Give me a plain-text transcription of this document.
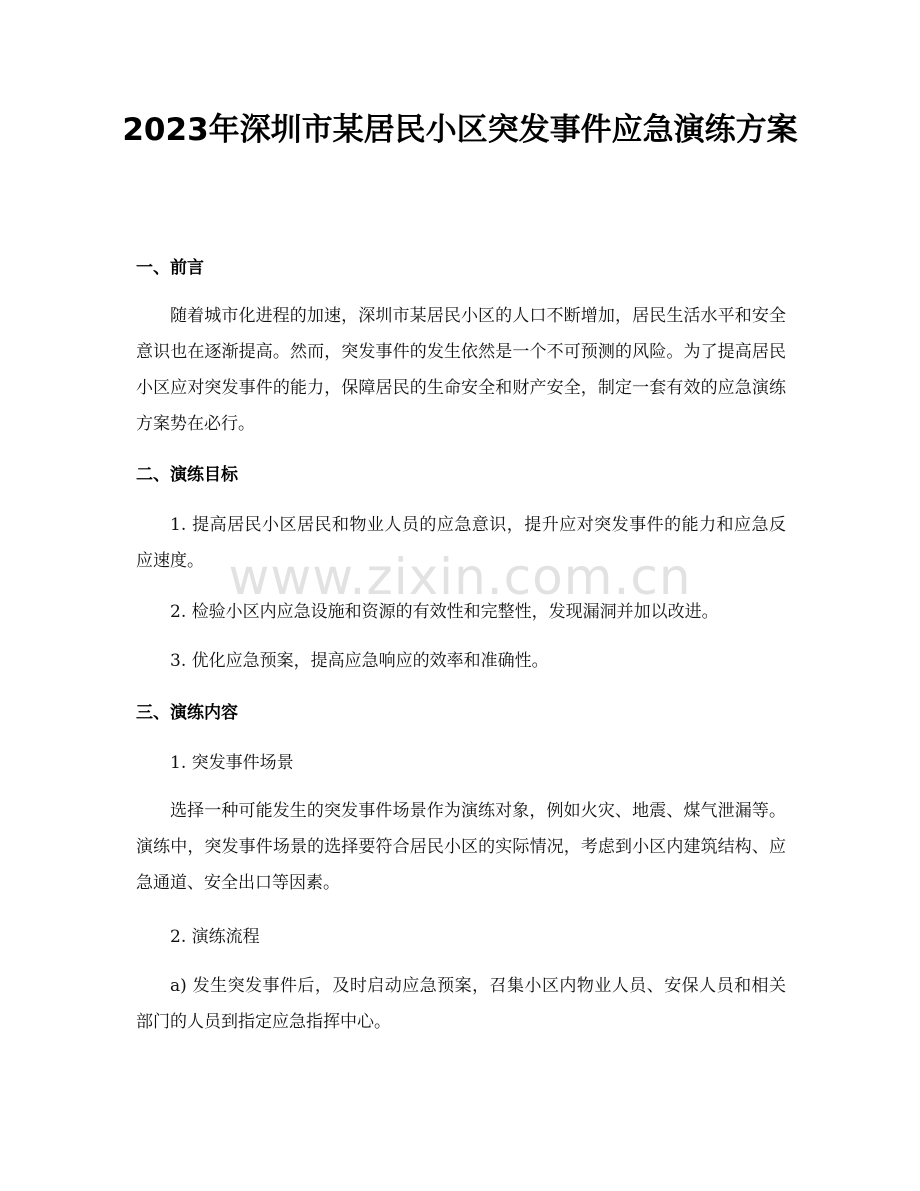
2023年深圳市某居民小区突发事件应急演练方案
一、前言

随着城市化进程的加速，深圳市某居民小区的人口不断增加，居民生活水平和安全意识也在逐渐提高。然而，突发事件的发生依然是一个不可预测的风险。为了提高居民小区应对突发事件的能力，保障居民的生命安全和财产安全，制定一套有效的应急演练方案势在必行。

二、演练目标

1. 提高居民小区居民和物业人员的应急意识，提升应对突发事件的能力和应急反应速度。

2. 检验小区内应急设施和资源的有效性和完整性，发现漏洞并加以改进。

3. 优化应急预案，提高应急响应的效率和准确性。

三、演练内容

1. 突发事件场景

选择一种可能发生的突发事件场景作为演练对象，例如火灾、地震、煤气泄漏等。演练中，突发事件场景的选择要符合居民小区的实际情况，考虑到小区内建筑结构、应急通道、安全出口等因素。

2. 演练流程

a) 发生突发事件后，及时启动应急预案，召集小区内物业人员、安保人员和相关部门的人员到指定应急指挥中心。

www.zixin.com.cn
